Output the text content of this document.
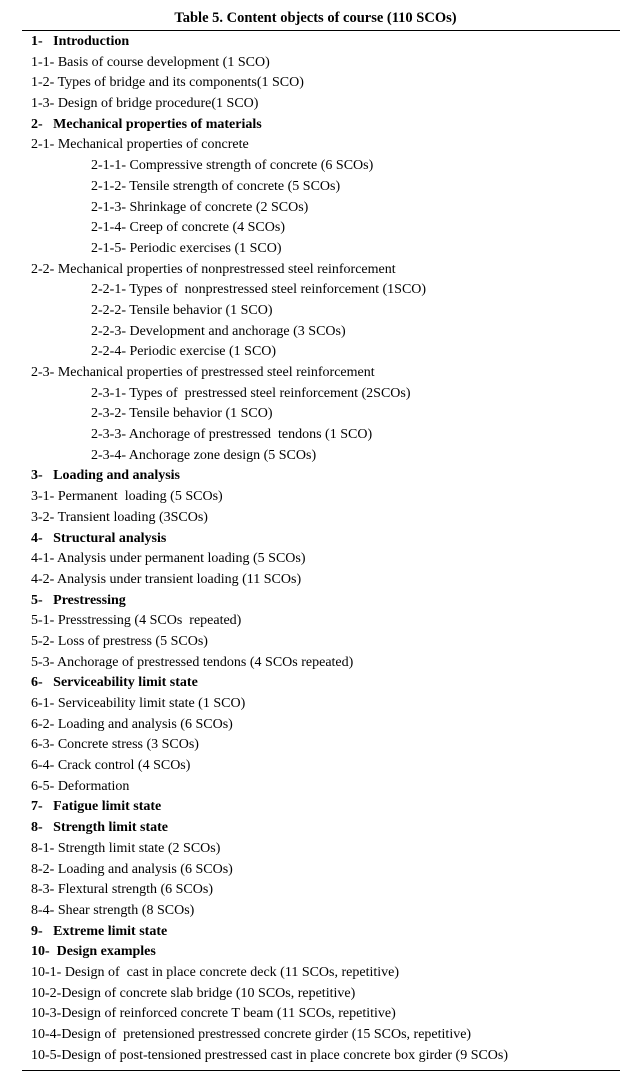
Table 5. Content objects of course (110 SCOs)
1-   Introduction
1-1- Basis of course development (1 SCO)
1-2- Types of bridge and its components(1 SCO)
1-3- Design of bridge procedure(1 SCO)
2-   Mechanical properties of materials
2-1- Mechanical properties of concrete
2-1-1- Compressive strength of concrete (6 SCOs)
2-1-2- Tensile strength of concrete (5 SCOs)
2-1-3- Shrinkage of concrete (2 SCOs)
2-1-4- Creep of concrete (4 SCOs)
2-1-5- Periodic exercises (1 SCO)
2-2- Mechanical properties of nonprestressed steel reinforcement
2-2-1- Types of  nonprestressed steel reinforcement (1SCO)
2-2-2- Tensile behavior (1 SCO)
2-2-3- Development and anchorage (3 SCOs)
2-2-4- Periodic exercise (1 SCO)
2-3- Mechanical properties of prestressed steel reinforcement
2-3-1- Types of  prestressed steel reinforcement (2SCOs)
2-3-2- Tensile behavior (1 SCO)
2-3-3- Anchorage of prestressed  tendons (1 SCO)
2-3-4- Anchorage zone design (5 SCOs)
3-   Loading and analysis
3-1- Permanent  loading (5 SCOs)
3-2- Transient loading (3SCOs)
4-   Structural analysis
4-1- Analysis under permanent loading (5 SCOs)
4-2- Analysis under transient loading (11 SCOs)
5-   Prestressing
5-1- Presstressing (4 SCOs  repeated)
5-2- Loss of prestress (5 SCOs)
5-3- Anchorage of prestressed tendons (4 SCOs repeated)
6-   Serviceability limit state
6-1- Serviceability limit state (1 SCO)
6-2- Loading and analysis (6 SCOs)
6-3- Concrete stress (3 SCOs)
6-4- Crack control (4 SCOs)
6-5- Deformation
7-   Fatigue limit state
8-   Strength limit state
8-1- Strength limit state (2 SCOs)
8-2- Loading and analysis (6 SCOs)
8-3- Flextural strength (6 SCOs)
8-4- Shear strength (8 SCOs)
9-   Extreme limit state
10-  Design examples
10-1- Design of  cast in place concrete deck (11 SCOs, repetitive)
10-2-Design of concrete slab bridge (10 SCOs, repetitive)
10-3-Design of reinforced concrete T beam (11 SCOs, repetitive)
10-4-Design of  pretensioned prestressed concrete girder (15 SCOs, repetitive)
10-5-Design of post-tensioned prestressed cast in place concrete box girder (9 SCOs)
